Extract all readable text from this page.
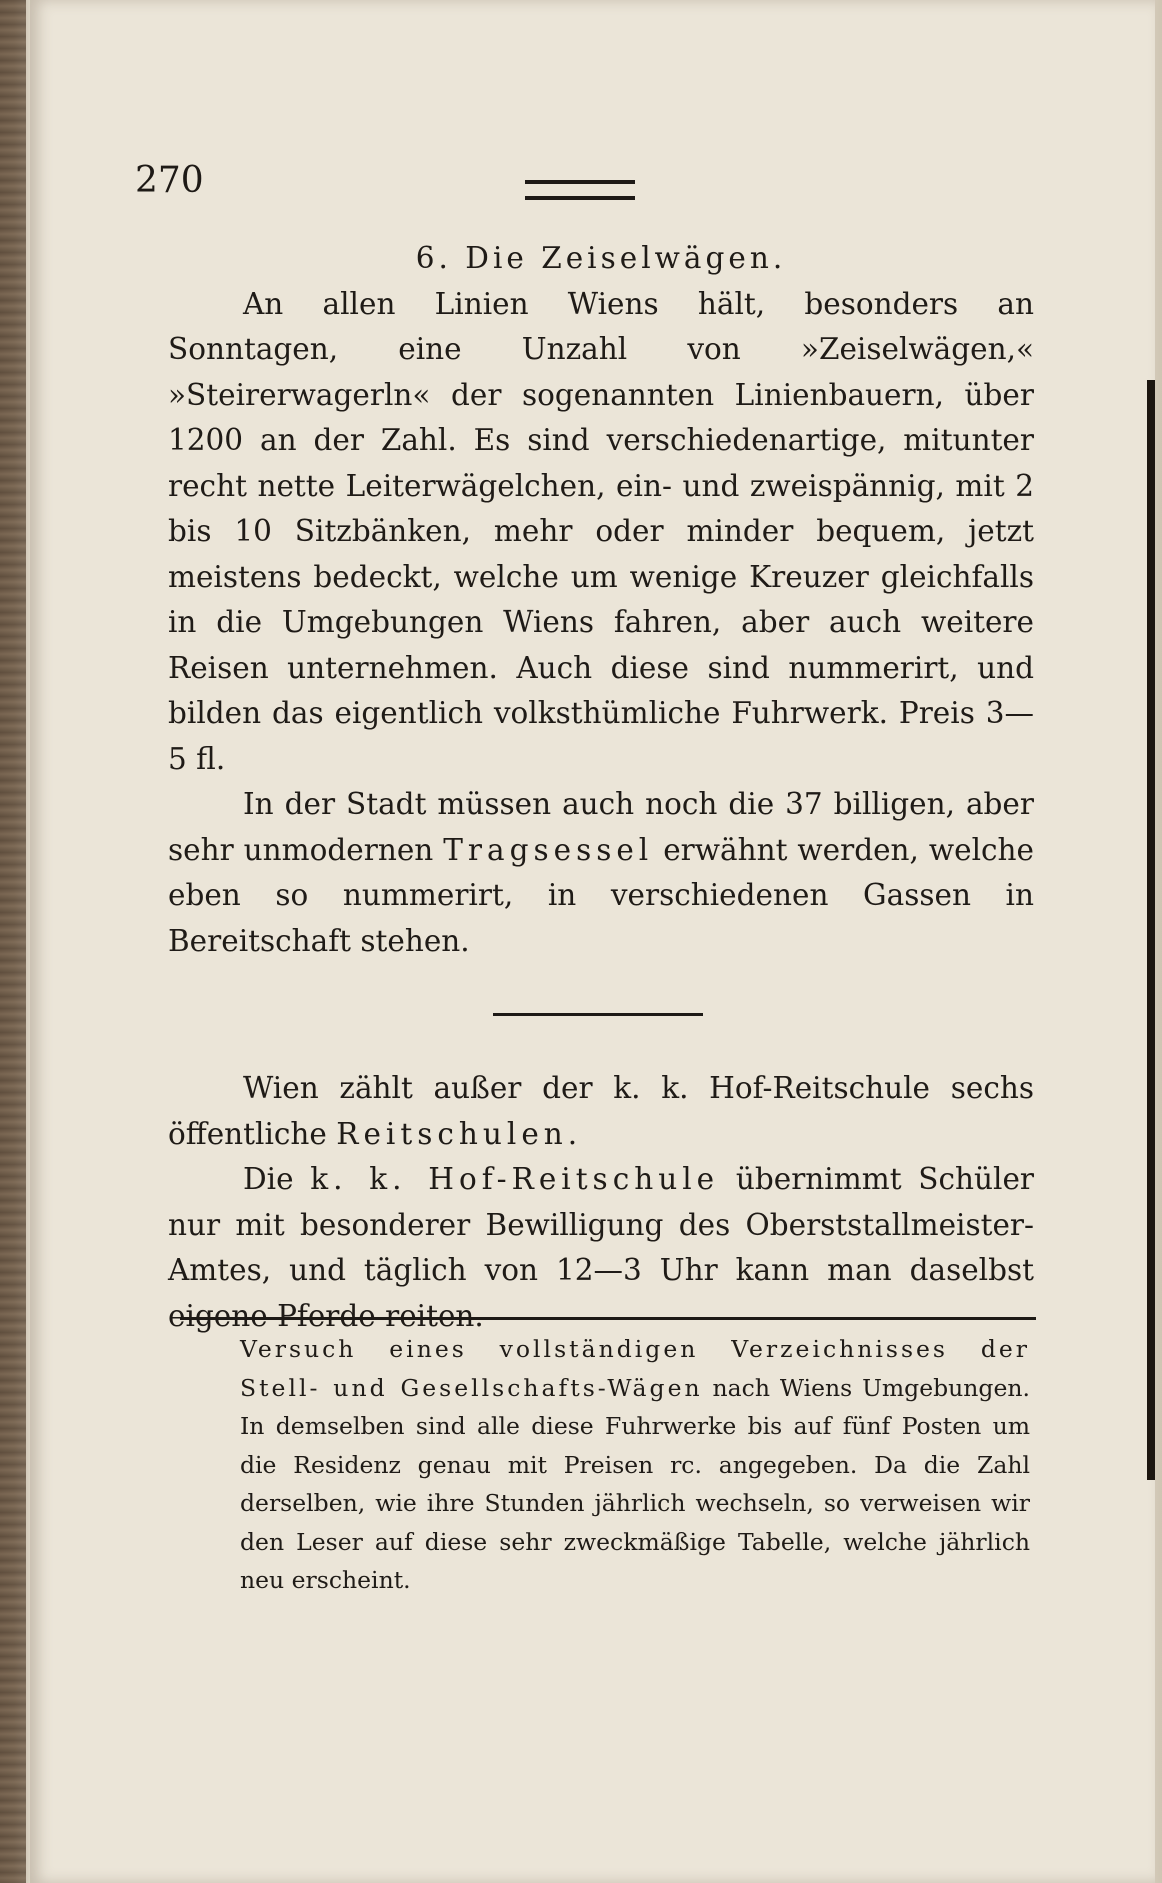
270

6. Die Zeiselwägen.

An allen Linien Wiens hält, besonders an Sonntagen, eine Unzahl von »Zeiselwägen,« »Steirerwagerln« der sogenannten Linienbauern, über 1200 an der Zahl. Es sind verschiedenartige, mitunter recht nette Leiterwägelchen, ein- und zweispännig, mit 2 bis 10 Sitzbänken, mehr oder minder bequem, jetzt meistens bedeckt, welche um wenige Kreuzer gleichfalls in die Umgebungen Wiens fahren, aber auch weitere Reisen unternehmen. Auch diese sind nummerirt, und bilden das eigentlich volksthümliche Fuhrwerk. Preis 3—5 fl.

In der Stadt müssen auch noch die 37 billigen, aber sehr unmodernen Tragsessel erwähnt werden, welche eben so nummerirt, in verschiedenen Gassen in Bereitschaft stehen.

Wien zählt außer der k. k. Hof-Reitschule sechs öffentliche Reitschulen.

Die k. k. Hof-Reitschule übernimmt Schüler nur mit besonderer Bewilligung des Oberststallmeister-Amtes, und täglich von 12—3 Uhr kann man daselbst eigene Pferde reiten.

Versuch eines vollständigen Verzeichnisses der Stell- und Gesellschafts-Wägen nach Wiens Umgebungen. In demselben sind alle diese Fuhrwerke bis auf fünf Posten um die Residenz genau mit Preisen rc. angegeben. Da die Zahl derselben, wie ihre Stunden jährlich wechseln, so verweisen wir den Leser auf diese sehr zweckmäßige Tabelle, welche jährlich neu erscheint.
